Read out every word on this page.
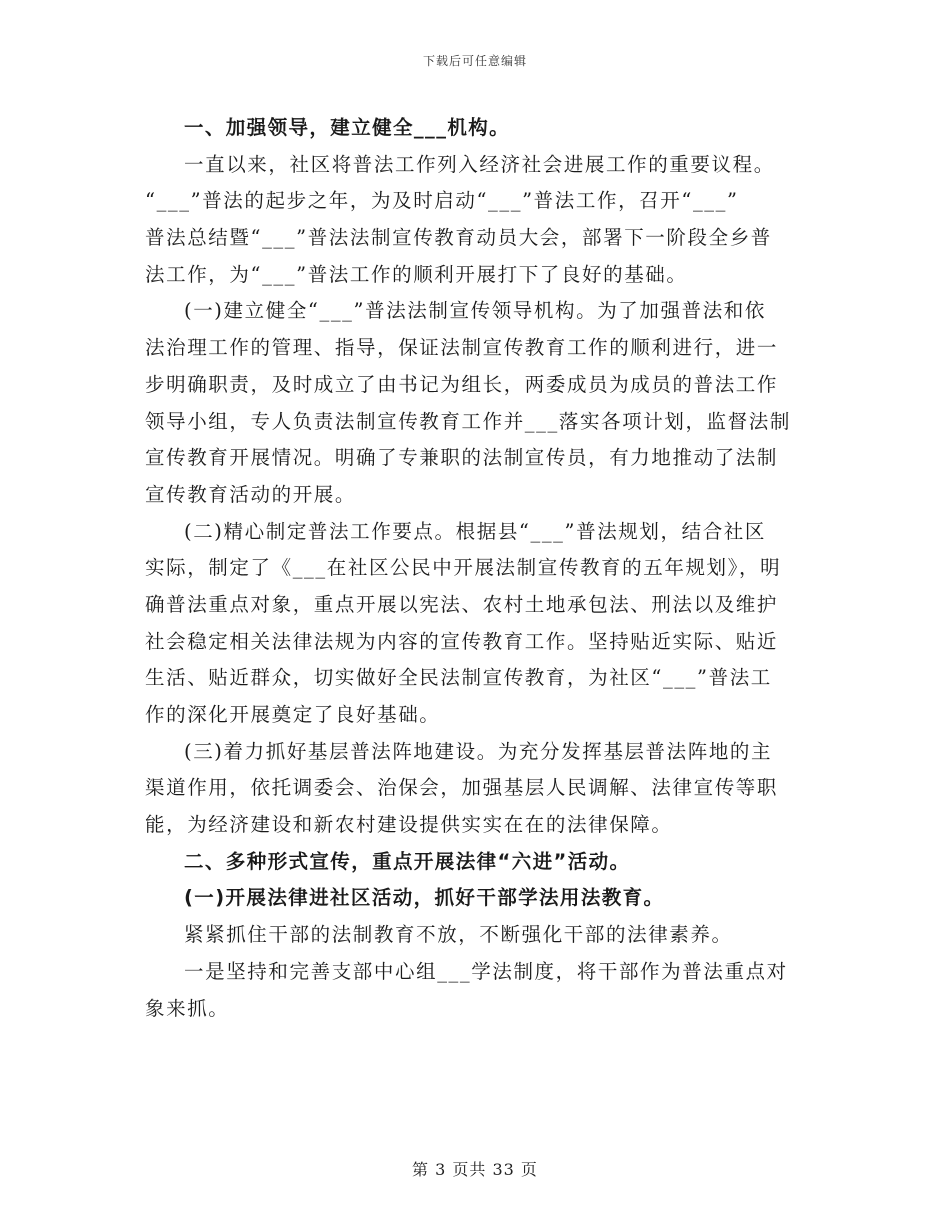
下载后可任意编辑
一、加强领导，建立健全___机构。
一直以来，社区将普法工作列入经济社会进展工作的重要议程。
“___”普法的起步之年，为及时启动“___”普法工作，召开“___”
普法总结暨“___”普法法制宣传教育动员大会，部署下一阶段全乡普
法工作，为“___”普法工作的顺利开展打下了良好的基础。
(一)建立健全“___”普法法制宣传领导机构。为了加强普法和依
法治理工作的管理、指导，保证法制宣传教育工作的顺利进行，进一
步明确职责，及时成立了由书记为组长，两委成员为成员的普法工作
领导小组，专人负责法制宣传教育工作并___落实各项计划，监督法制
宣传教育开展情况。明确了专兼职的法制宣传员，有力地推动了法制
宣传教育活动的开展。
(二)精心制定普法工作要点。根据县“___”普法规划，结合社区
实际，制定了《___在社区公民中开展法制宣传教育的五年规划》，明
确普法重点对象，重点开展以宪法、农村土地承包法、刑法以及维护
社会稳定相关法律法规为内容的宣传教育工作。坚持贴近实际、贴近
生活、贴近群众，切实做好全民法制宣传教育，为社区“___”普法工
作的深化开展奠定了良好基础。
(三)着力抓好基层普法阵地建设。为充分发挥基层普法阵地的主
渠道作用，依托调委会、治保会，加强基层人民调解、法律宣传等职
能，为经济建设和新农村建设提供实实在在的法律保障。
二、多种形式宣传，重点开展法律“六进”活动。
(一)开展法律进社区活动，抓好干部学法用法教育。
紧紧抓住干部的法制教育不放，不断强化干部的法律素养。
一是坚持和完善支部中心组___学法制度，将干部作为普法重点对
象来抓。
第 3 页共 33 页
